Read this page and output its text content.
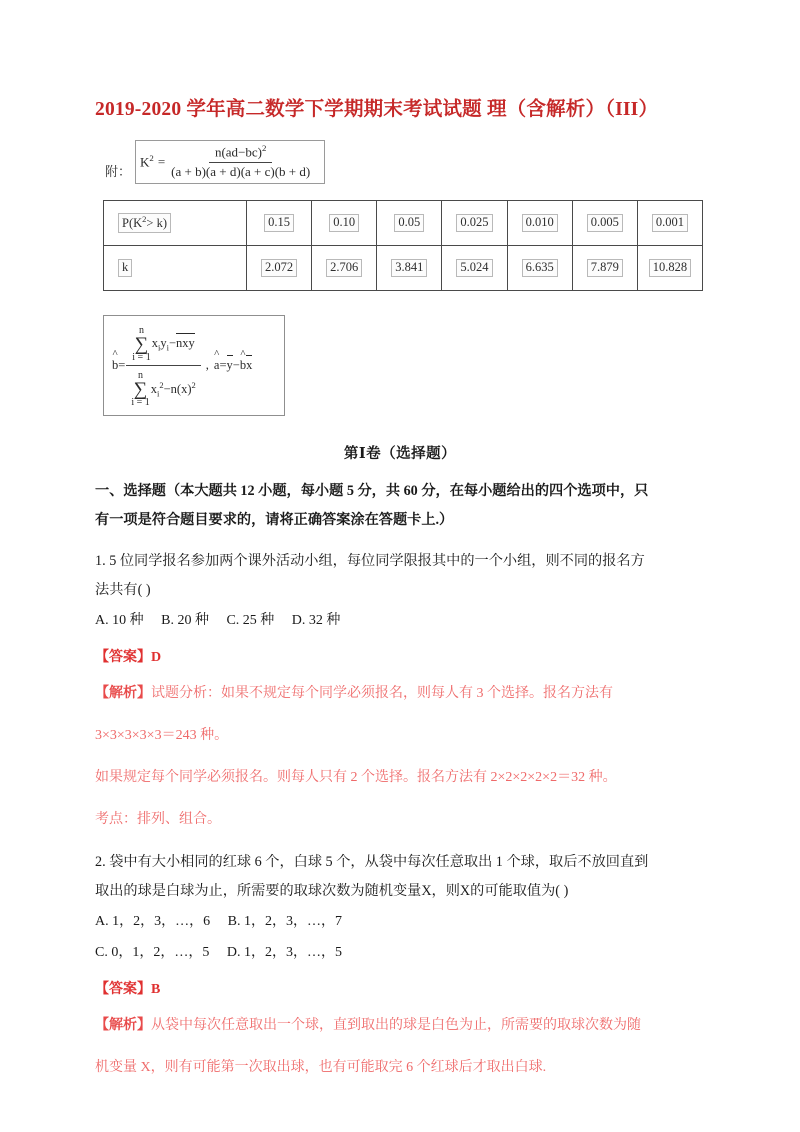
2019-2020 学年高二数学下学期期末考试试题 理（含解析）（III）
附：
$K^2 = \frac{n(ad-bc)^2}{(a + b)(a + d)(a + c)(b + d)}$
$P(K^2> k)$	0.15	0.10	0.05	0.025	0.010	0.005	0.001
k	2.072	2.706	3.841	5.024	6.635	7.879	10.828
^ b =
n
∑
i = 1
$x_iy_i-nxy$
n
∑
i = 1
$x_i^2-n(x)^2$
, ^ a = y − ^ b x
第Ⅰ卷（选择题）

一、选择题（本大题共 12 小题，每小题 5 分，共 60 分，在每小题给出的四个选项中，只

有一项是符合题目要求的，请将正确答案涂在答题卡上.）

1. 5 位同学报名参加两个课外活动小组，每位同学限报其中的一个小组，则不同的报名方

法共有( )

A. 10 种     B. 20 种     C. 25 种     D. 32 种

【答案】D

【解析】试题分析：如果不规定每个同学必须报名，则每人有 3 个选择。报名方法有

3×3×3×3×3＝243 种。

如果规定每个同学必须报名。则每人只有 2 个选择。报名方法有 2×2×2×2×2＝32 种。

考点：排列、组合。

2. 袋中有大小相同的红球 6 个，白球 5 个，从袋中每次任意取出 1 个球，取后不放回直到

取出的球是白球为止，所需要的取球次数为随机变量X，则X的可能取值为( )

A. 1，2，3，…，6     B. 1，2，3，…，7

C. 0，1，2，…，5     D. 1，2，3，…，5

【答案】B

【解析】从袋中每次任意取出一个球，直到取出的球是白色为止，所需要的取球次数为随

机变量 X，则有可能第一次取出球，也有可能取完 6 个红球后才取出白球.
